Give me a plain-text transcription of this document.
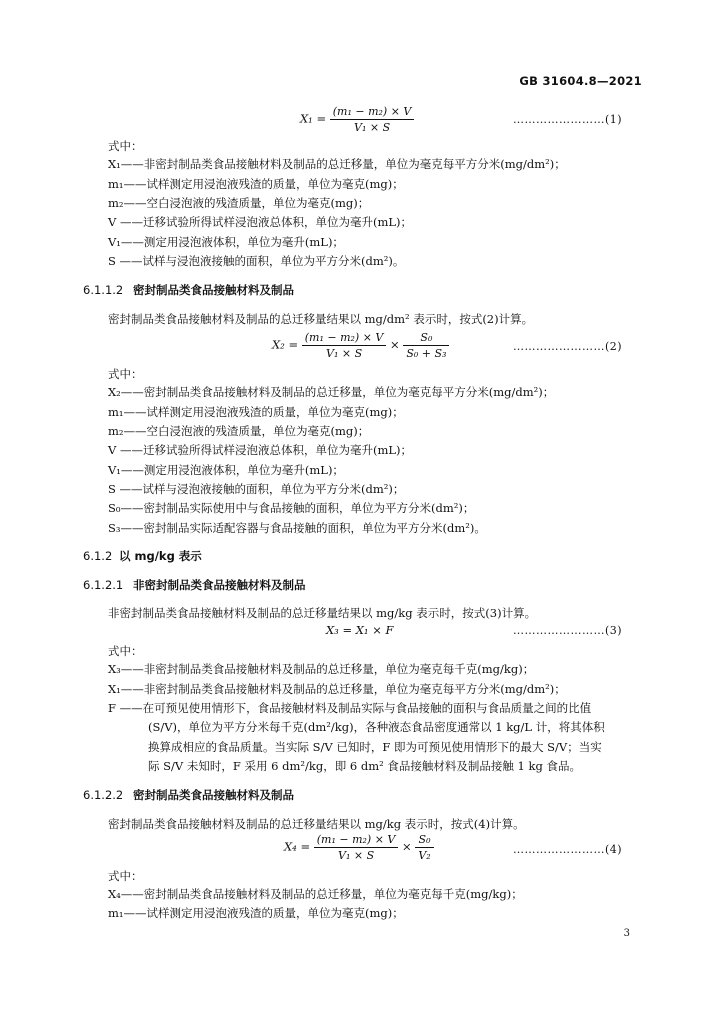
GB 31604.8—2021
$X_1 = \frac{\text{(m₁ − m₂) × V}}{\text{V₁ × S}}$	……………………(1)
式中：
X₁——非密封制品类食品接触材料及制品的总迁移量，单位为毫克每平方分米(mg/dm²)；
m₁——试样测定用浸泡液残渣的质量，单位为毫克(mg)；
m₂——空白浸泡液的残渣质量，单位为毫克(mg)；
V ——迁移试验所得试样浸泡液总体积，单位为毫升(mL)；
V₁——测定用浸泡液体积，单位为毫升(mL)；
S ——试样与浸泡液接触的面积，单位为平方分米(dm²)。
6.1.1.2 密封制品类食品接触材料及制品
密封制品类食品接触材料及制品的总迁移量结果以 mg/dm² 表示时，按式(2)计算。
$X_2 = \frac{\text{(m₁ − m₂) × V}}{\text{V₁ × S}} \times \frac{\text{S₀}}{\text{S₀ + S₃}}$	……………………(2)
式中：
X₂——密封制品类食品接触材料及制品的总迁移量，单位为毫克每平方分米(mg/dm²)；
m₁——试样测定用浸泡液残渣的质量，单位为毫克(mg)；
m₂——空白浸泡液的残渣质量，单位为毫克(mg)；
V ——迁移试验所得试样浸泡液总体积，单位为毫升(mL)；
V₁——测定用浸泡液体积，单位为毫升(mL)；
S ——试样与浸泡液接触的面积，单位为平方分米(dm²)；
S₀——密封制品实际使用中与食品接触的面积，单位为平方分米(dm²)；
S₃——密封制品实际适配容器与食品接触的面积，单位为平方分米(dm²)。
6.1.2 以 mg/kg 表示
6.1.2.1 非密封制品类食品接触材料及制品
非密封制品类食品接触材料及制品的总迁移量结果以 mg/kg 表示时，按式(3)计算。
X₃ = X₁ × F	……………………(3)
式中：
X₃——非密封制品类食品接触材料及制品的总迁移量，单位为毫克每千克(mg/kg)；
X₁——非密封制品类食品接触材料及制品的总迁移量，单位为毫克每平方分米(mg/dm²)；
F ——在可预见使用情形下，食品接触材料及制品实际与食品接触的面积与食品质量之间的比值
(S/V)，单位为平方分米每千克(dm²/kg)，各种液态食品密度通常以 1 kg/L 计，将其体积
换算成相应的食品质量。当实际 S/V 已知时，F 即为可预见使用情形下的最大 S/V；当实
际 S/V 未知时，F 采用 6 dm²/kg，即 6 dm² 食品接触材料及制品接触 1 kg 食品。
6.1.2.2 密封制品类食品接触材料及制品
密封制品类食品接触材料及制品的总迁移量结果以 mg/kg 表示时，按式(4)计算。
$X_4 = \frac{\text{(m₁ − m₂) × V}}{\text{V₁ × S}} \times \frac{\text{S₀}}{\text{V₂}}$	……………………(4)
式中：
X₄——密封制品类食品接触材料及制品的总迁移量，单位为毫克每千克(mg/kg)；
m₁——试样测定用浸泡液残渣的质量，单位为毫克(mg)；
3
